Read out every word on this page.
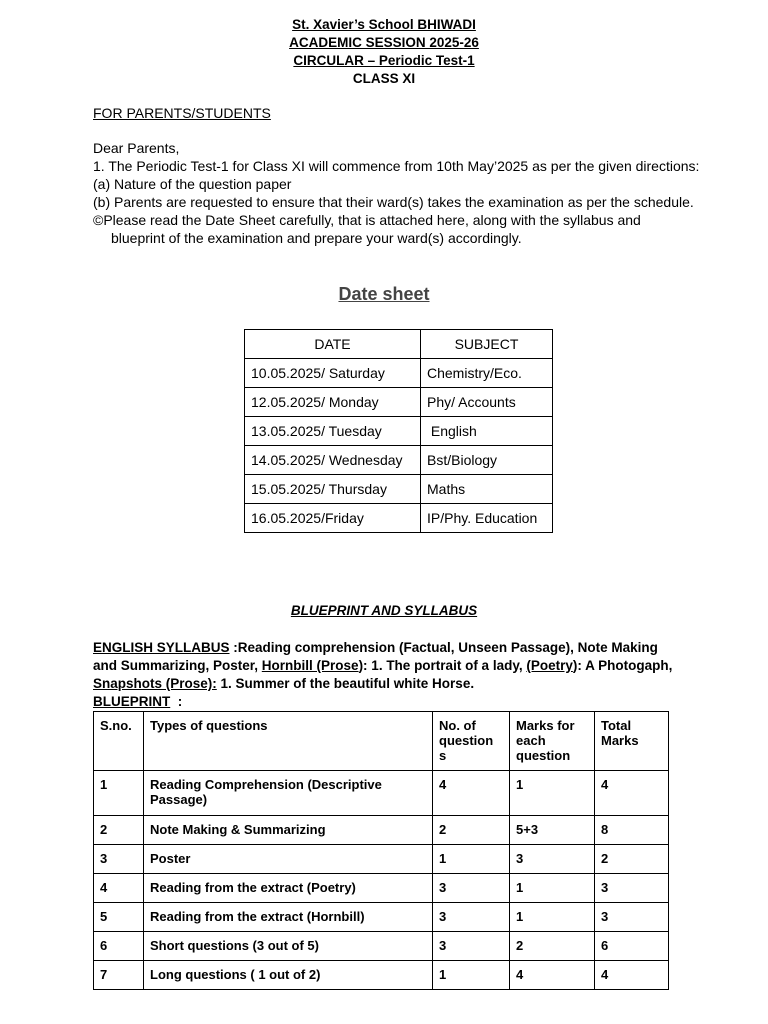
St. Xavier’s School BHIWADI
ACADEMIC SESSION 2025-26
CIRCULAR – Periodic Test-1
CLASS XI
FOR PARENTS/STUDENTS

Dear Parents,

1. The Periodic Test-1 for Class XI will commence from 10th May’2025 as per the given directions:

(a) Nature of the question paper

(b) Parents are requested to ensure that their ward(s) takes the examination as per the schedule.

©Please read the Date Sheet carefully, that is attached here, along with the syllabus and

blueprint of the examination and prepare your ward(s) accordingly.

Date sheet
DATE	SUBJECT
10.05.2025/ Saturday	Chemistry/Eco.
12.05.2025/ Monday	Phy/ Accounts
13.05.2025/ Tuesday	English
14.05.2025/ Wednesday	Bst/Biology
15.05.2025/ Thursday	Maths
16.05.2025/Friday	IP/Phy. Education
BLUEPRINT AND SYLLABUS

ENGLISH SYLLABUS :Reading comprehension (Factual, Unseen Passage), Note Making and Summarizing, Poster, Hornbill (Prose): 1. The portrait of a lady, (Poetry): A Photogaph,  Snapshots (Prose): 1. Summer of the beautiful white Horse.

BLUEPRINT  :

S.no.	Types of questions	No. of question s	Marks for each question	Total Marks
1	Reading Comprehension (Descriptive Passage)	4	1	4
2	Note Making & Summarizing	2	5+3	8
3	Poster	1	3	2
4	Reading from the extract (Poetry)	3	1	3
5	Reading from the extract (Hornbill)	3	1	3
6	Short questions (3 out of 5)	3	2	6
7	Long questions ( 1 out of 2)	1	4	4
